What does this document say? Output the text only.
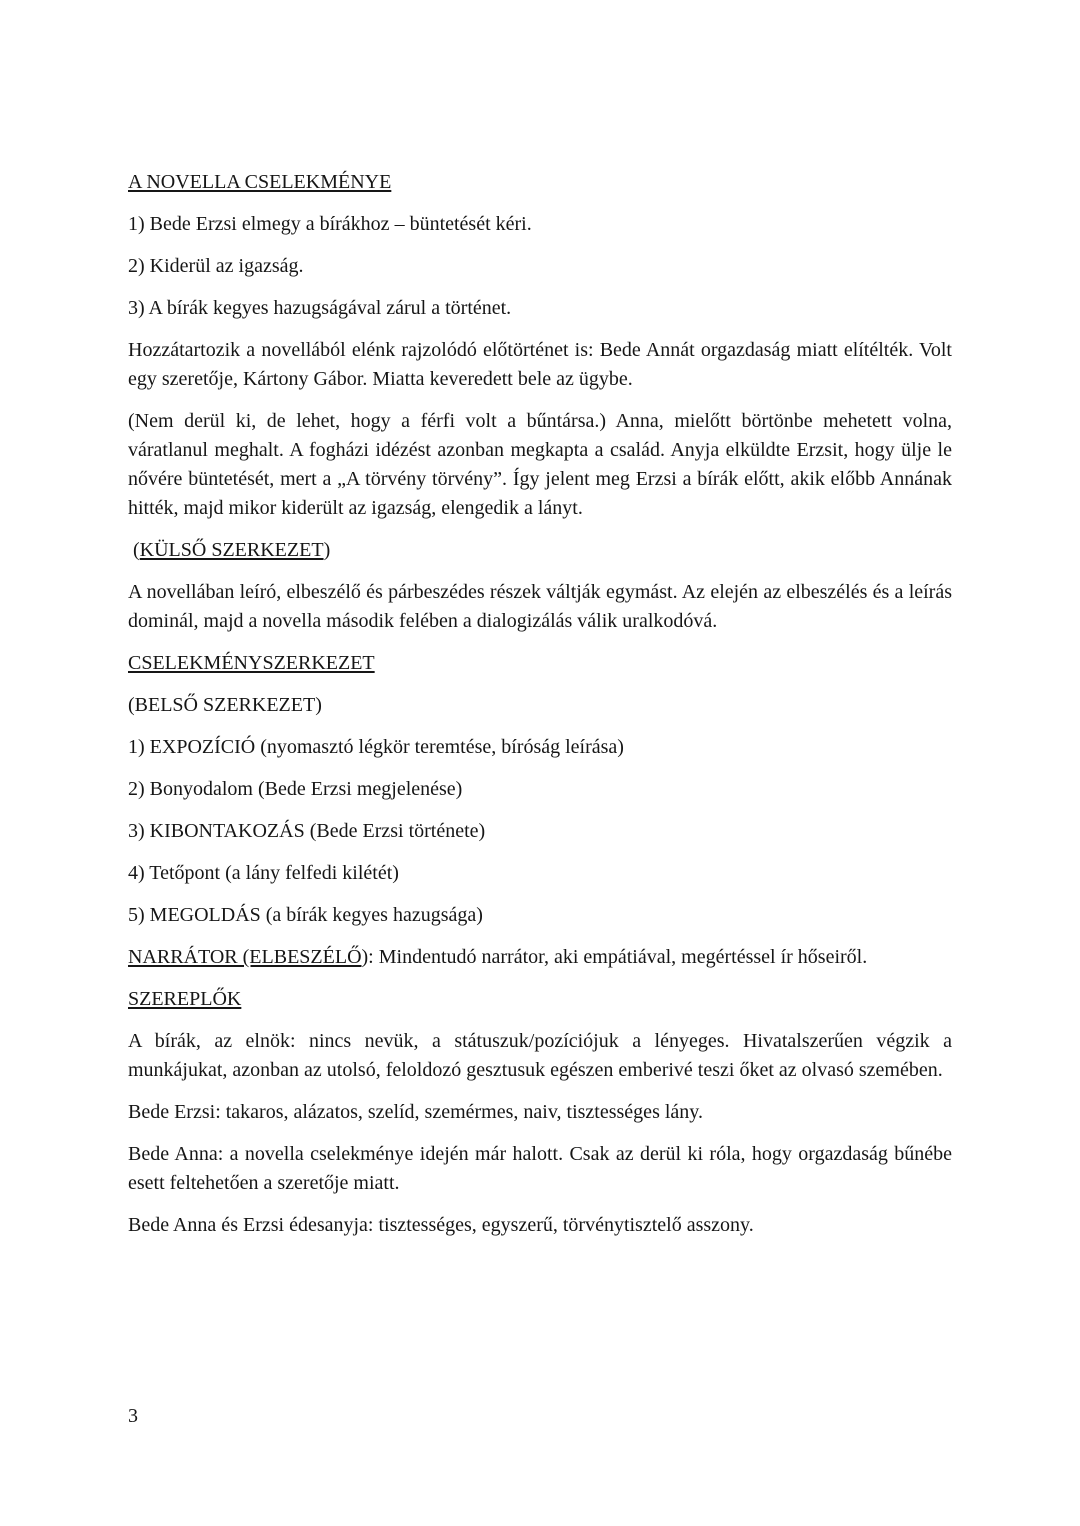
A NOVELLA CSELEKMÉNYE

1) Bede Erzsi elmegy a bírákhoz – büntetését kéri.

2) Kiderül az igazság.

3) A bírák kegyes hazugságával zárul a történet.

Hozzátartozik a novellából elénk rajzolódó előtörténet is: Bede Annát orgazdaság miatt elítélték. Volt egy szeretője, Kártony Gábor. Miatta keveredett bele az ügybe.

(Nem derül ki, de lehet, hogy a férfi volt a bűntársa.) Anna, mielőtt börtönbe mehetett volna, váratlanul meghalt. A fogházi idézést azonban megkapta a család. Anyja elküldte Erzsit, hogy ülje le nővére büntetését, mert a „A törvény törvény”. Így jelent meg Erzsi a bírák előtt, akik előbb Annának hitték, majd mikor kiderült az igazság, elengedik a lányt.

(KÜLSŐ SZERKEZET)

A novellában leíró, elbeszélő és párbeszédes részek váltják egymást. Az elején az elbeszélés és a leírás dominál, majd a novella második felében a dialogizálás válik uralkodóvá.

CSELEKMÉNYSZERKEZET

(BELSŐ SZERKEZET)

1) EXPOZÍCIÓ (nyomasztó légkör teremtése, bíróság leírása)

2) Bonyodalom (Bede Erzsi megjelenése)

3) KIBONTAKOZÁS (Bede Erzsi története)

4) Tetőpont (a lány felfedi kilétét)

5) MEGOLDÁS (a bírák kegyes hazugsága)

NARRÁTOR (ELBESZÉLŐ): Mindentudó narrátor, aki empátiával, megértéssel ír hőseiről.

SZEREPLŐK

A bírák, az elnök: nincs nevük, a státuszuk/pozíciójuk a lényeges. Hivatalszerűen végzik a munkájukat, azonban az utolsó, feloldozó gesztusuk egészen emberivé teszi őket az olvasó szemében.

Bede Erzsi: takaros, alázatos, szelíd, szemérmes, naiv, tisztességes lány.

Bede Anna: a novella cselekménye idején már halott. Csak az derül ki róla, hogy orgazdaság bűnébe esett feltehetően a szeretője miatt.

Bede Anna és Erzsi édesanyja: tisztességes, egyszerű, törvénytisztelő asszony.

3
